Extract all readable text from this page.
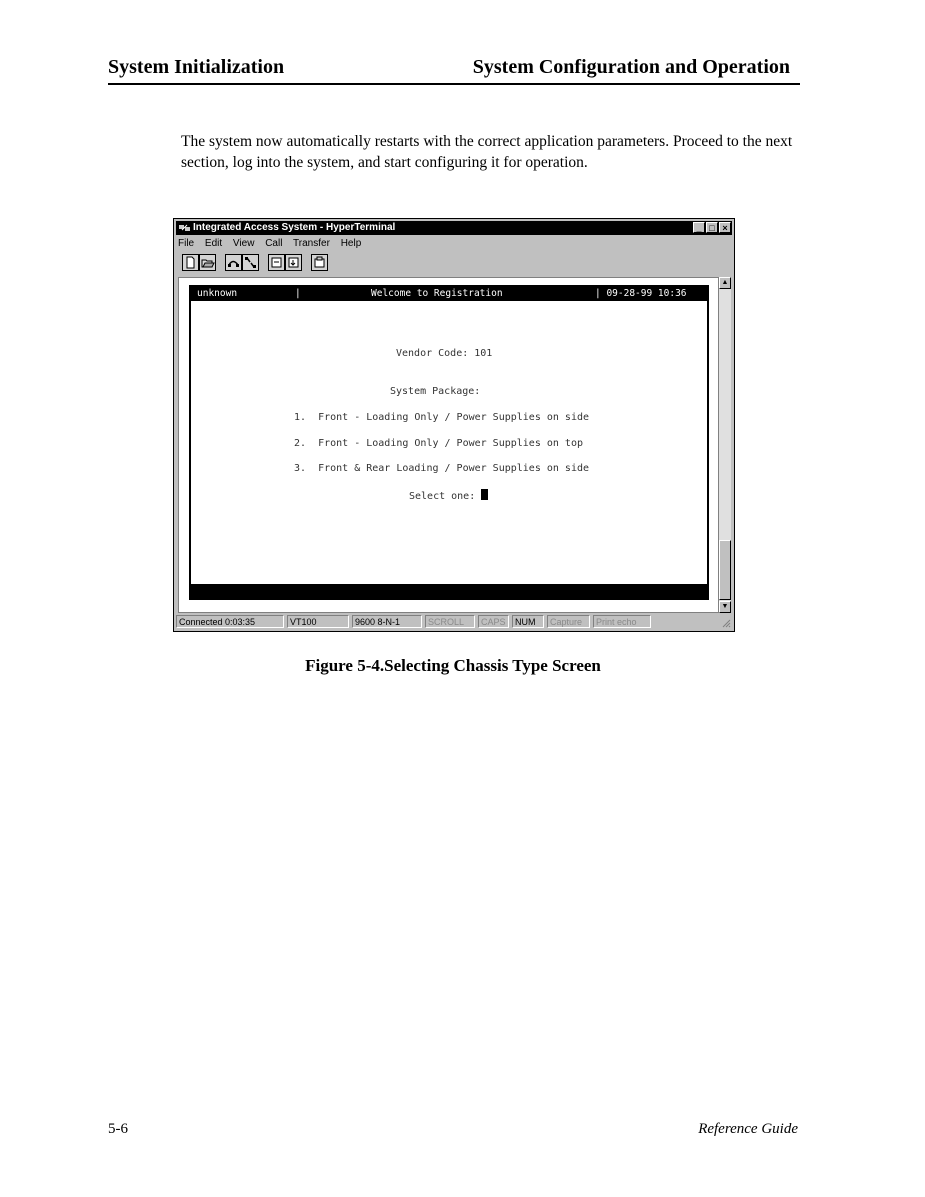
System Initialization	System Configuration and Operation
The system now automatically restarts with the correct application parameters. Proceed to the next section, log into the system, and start configuring it for operation.
Integrated Access System - HyperTerminal	_ □ ×
File Edit View Call Transfer Help

unknown

	|

	Welcome to Registration

	| 09-28-99 10:36

Vendor Code: 101
System Package:
1.  Front - Loading Only / Power Supplies on side
2.  Front - Loading Only / Power Supplies on top
3.  Front & Rear Loading / Power Supplies on side
Select one:
▲
▼
Connected 0:03:35	VT100	9600 8-N-1	SCROLL	CAPS	NUM	Capture	Print echo
Figure 5-4.Selecting Chassis Type Screen
5-6	Reference Guide
